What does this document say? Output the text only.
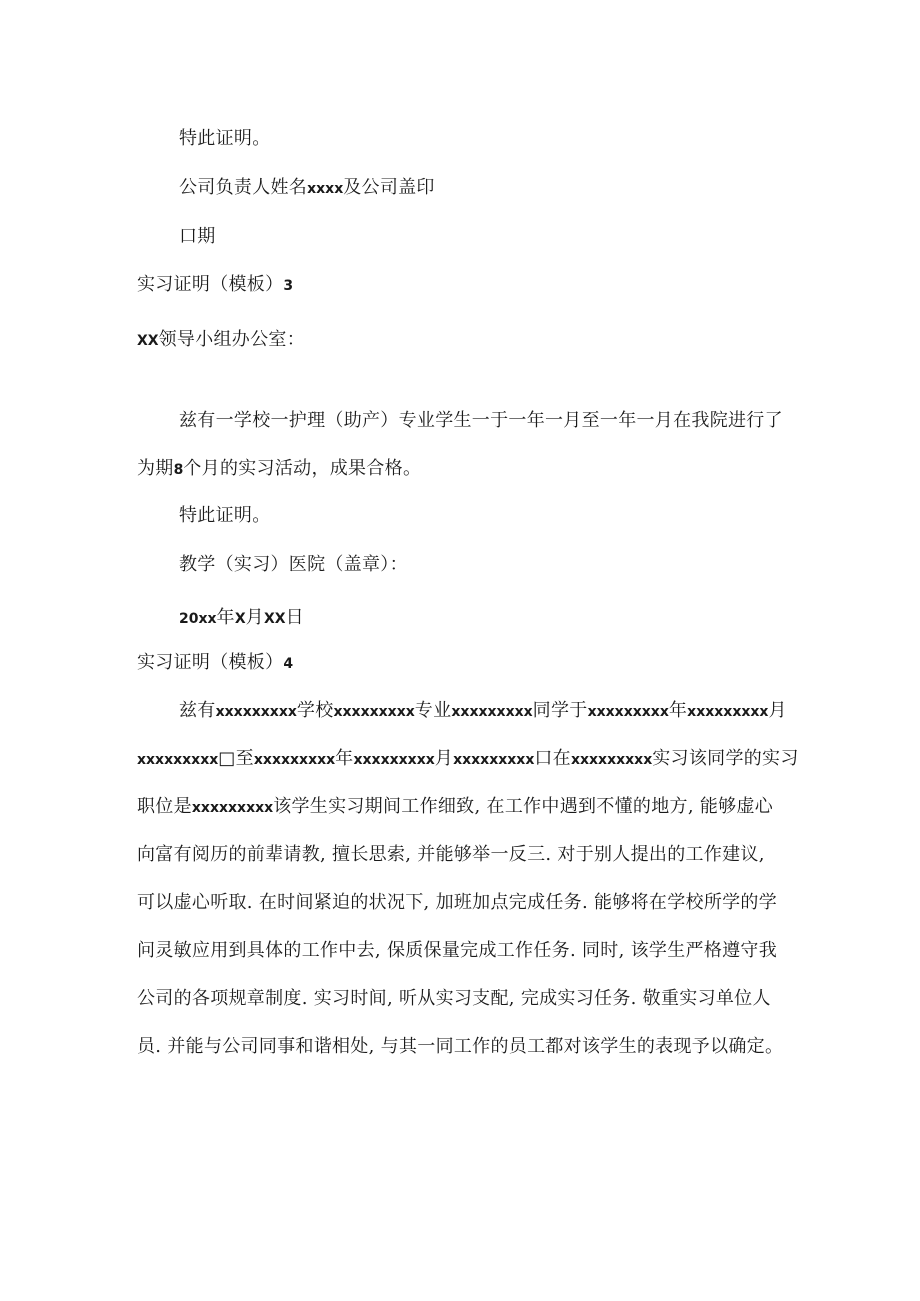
特此证明。
公司负责人姓名xxxx及公司盖印
口期
实习证明（模板）3
XX领导小组办公室：
兹有一学校一护理（助产）专业学生一于一年一月至一年一月在我院进行了
为期8个月的实习活动，成果合格。
特此证明。
教学（实习）医院（盖章）：
20xx年X月XX日
实习证明（模板）4
兹有xxxxxxxxx学校xxxxxxxxx专业xxxxxxxxx同学于xxxxxxxxx年xxxxxxxxx月
xxxxxxxxx□至xxxxxxxxx年xxxxxxxxx月xxxxxxxxx口在xxxxxxxxx实习该同学的实习
职位是xxxxxxxxx该学生实习期间工作细致, 在工作中遇到不懂的地方, 能够虚心
向富有阅历的前辈请教, 擅长思索, 并能够举一反三. 对于别人提出的工作建议,
可以虚心听取. 在时间紧迫的状况下, 加班加点完成任务. 能够将在学校所学的学
问灵敏应用到具体的工作中去, 保质保量完成工作任务. 同时, 该学生严格遵守我
公司的各项规章制度. 实习时间, 听从实习支配, 完成实习任务. 敬重实习单位人
员. 并能与公司同事和谐相处, 与其一同工作的员工都对该学生的表现予以确定。
